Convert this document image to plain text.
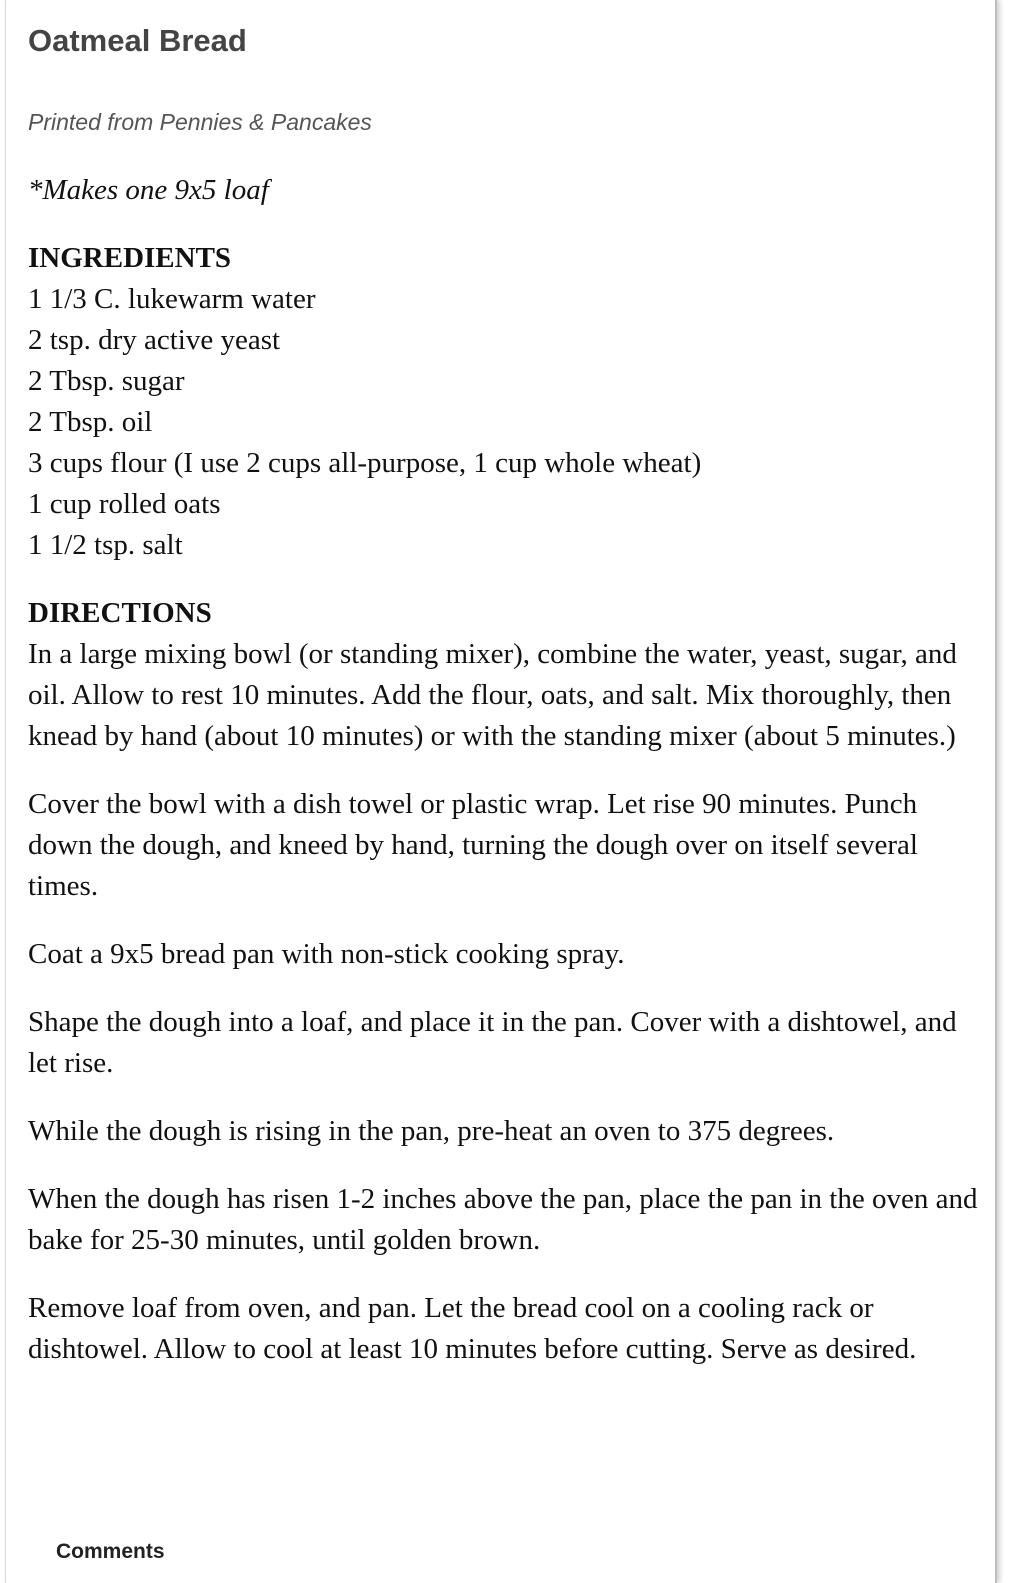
Oatmeal Bread

Printed from Pennies & Pancakes

*Makes one 9x5 loaf

INGREDIENTS

1 1/3 C. lukewarm water
2 tsp. dry active yeast
2 Tbsp. sugar
2 Tbsp. oil
3 cups flour (I use 2 cups all-purpose, 1 cup whole wheat)
1 cup rolled oats
1 1/2 tsp. salt

DIRECTIONS

In a large mixing bowl (or standing mixer), combine the water, yeast, sugar, and oil. Allow to rest 10 minutes. Add the flour, oats, and salt. Mix thoroughly, then knead by hand (about 10 minutes) or with the standing mixer (about 5 minutes.)

Cover the bowl with a dish towel or plastic wrap. Let rise 90 minutes. Punch down the dough, and kneed by hand, turning the dough over on itself several times.

Coat a 9x5 bread pan with non-stick cooking spray.

Shape the dough into a loaf, and place it in the pan. Cover with a dishtowel, and let rise.

While the dough is rising in the pan, pre-heat an oven to 375 degrees.

When the dough has risen 1-2 inches above the pan, place the pan in the oven and bake for 25-30 minutes, until golden brown.

Remove loaf from oven, and pan. Let the bread cool on a cooling rack or dishtowel. Allow to cool at least 10 minutes before cutting. Serve as desired.

Comments
